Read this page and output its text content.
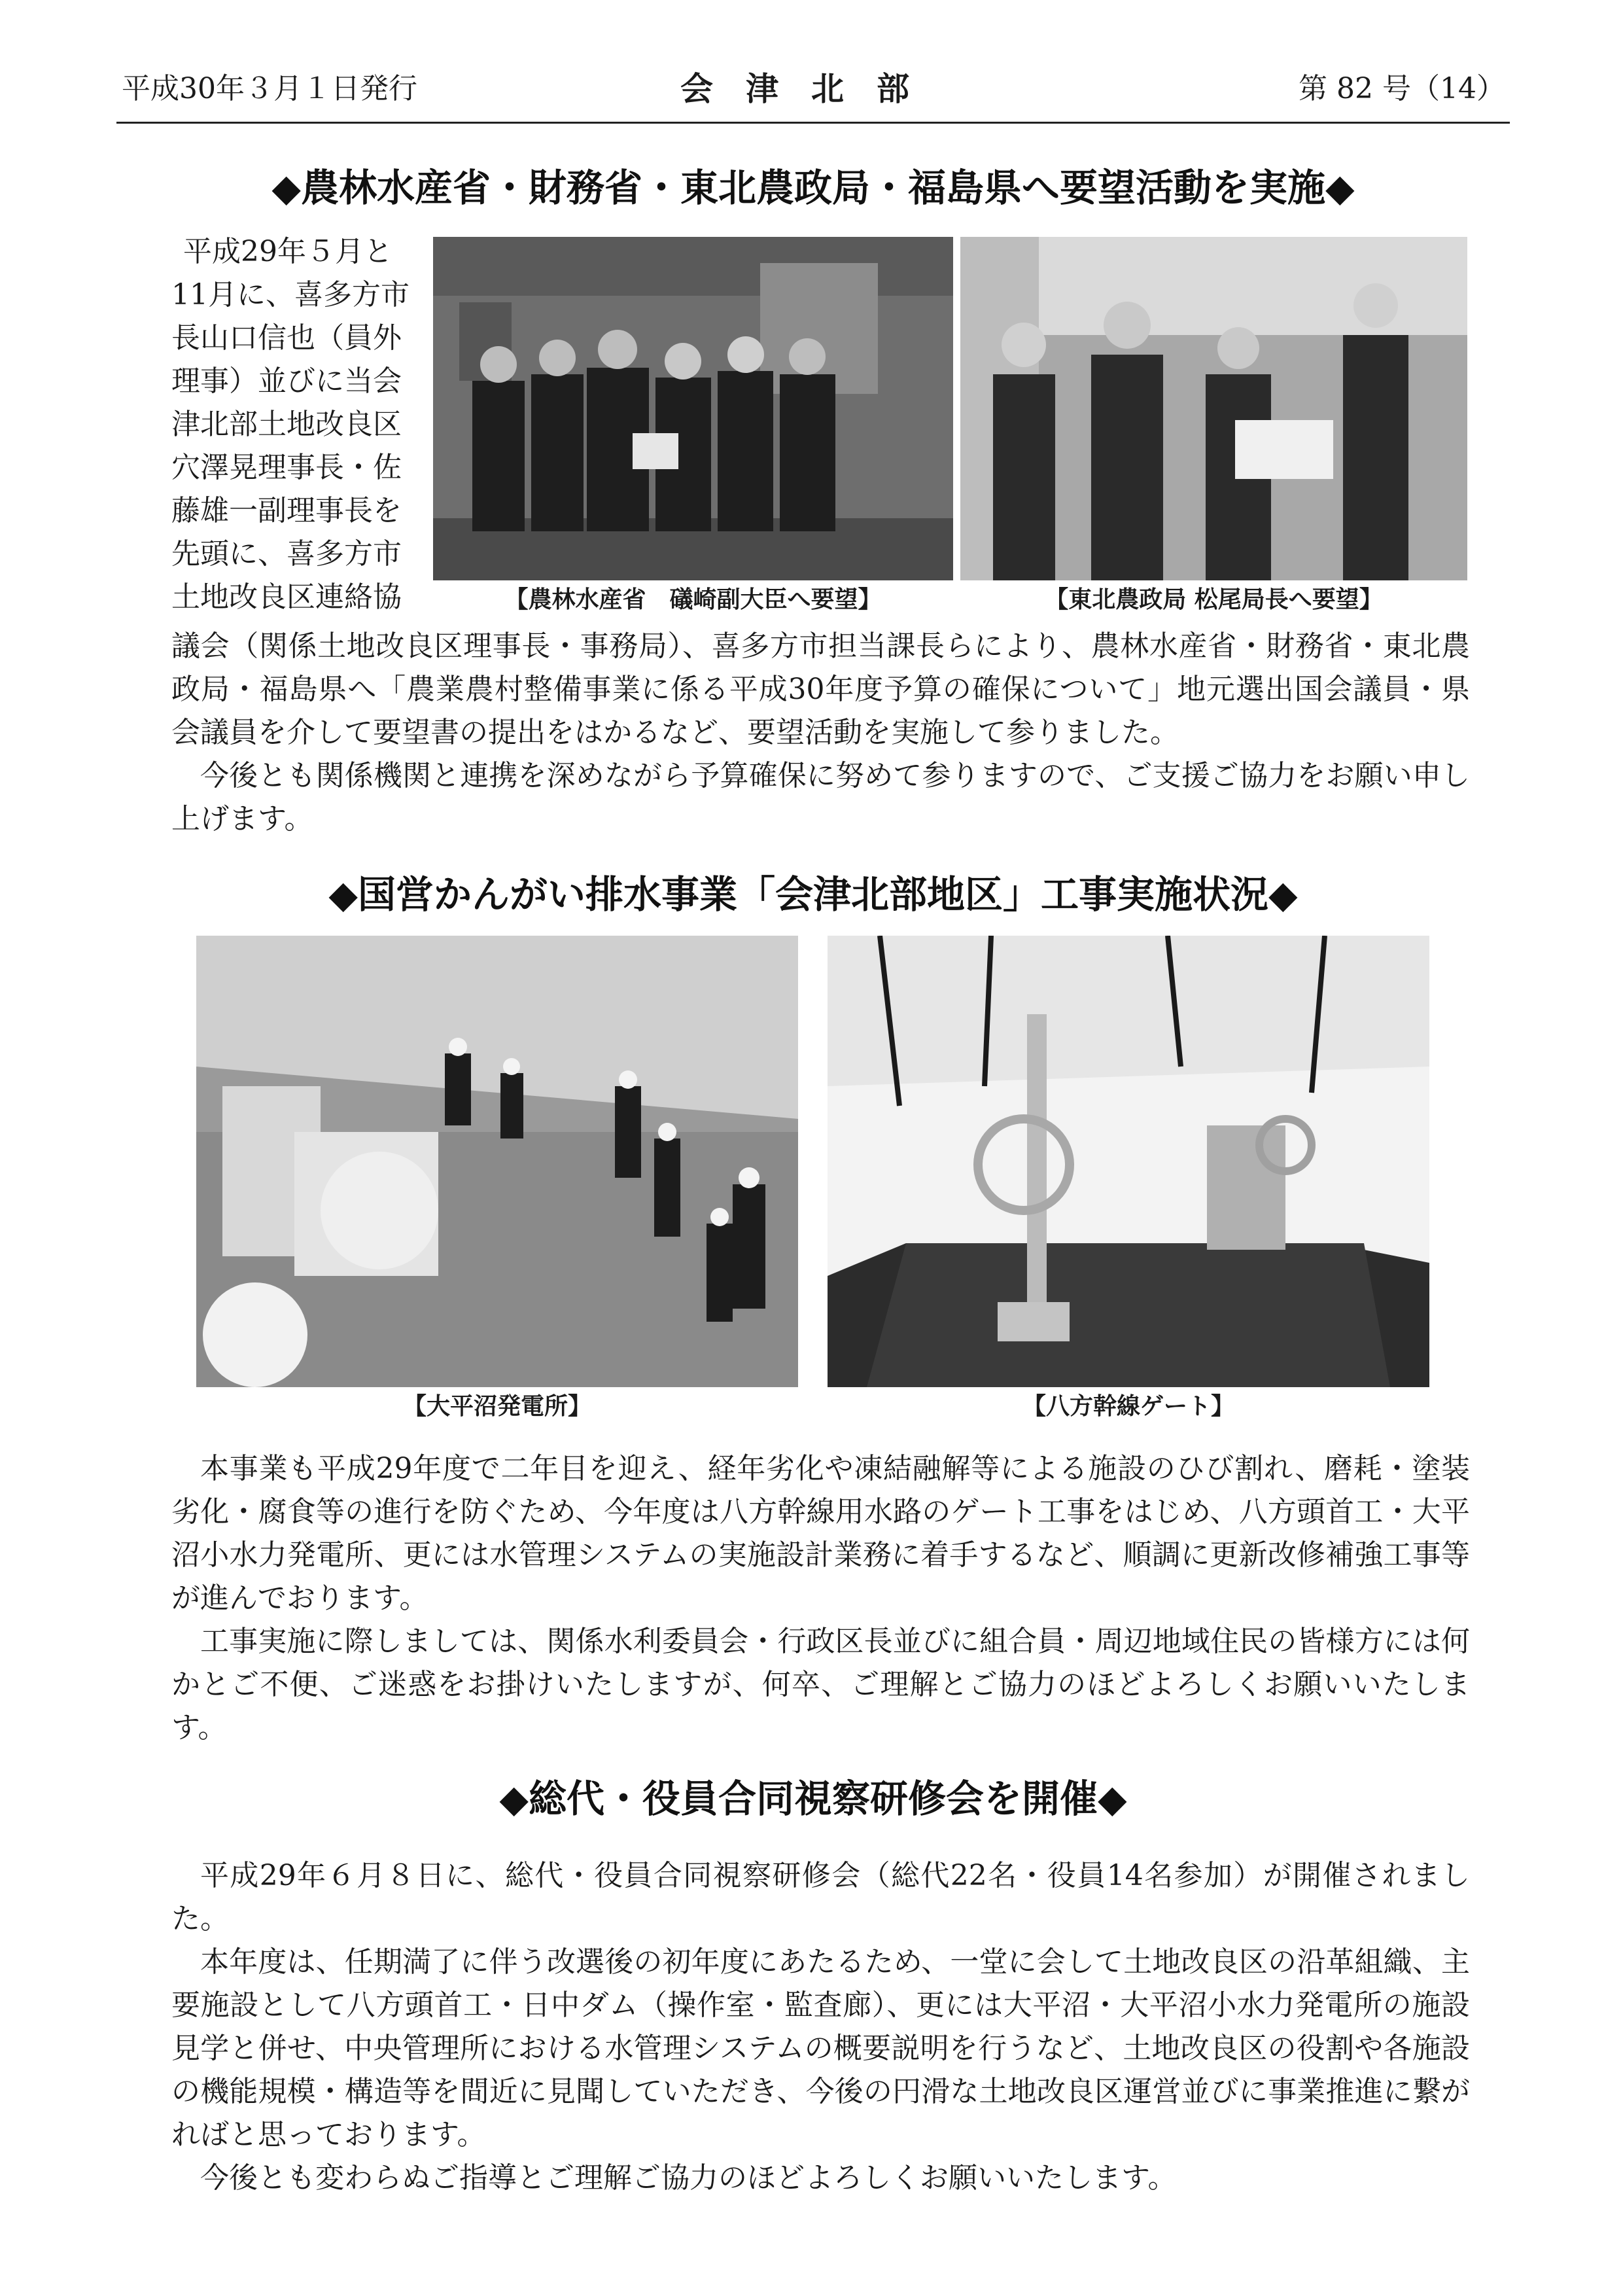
平成30年３月１日発行	会　津　北　部	第 82 号（14）
◆農林水産省・財務省・東北農政局・福島県へ要望活動を実施◆
平成29年５月と
11月に、喜多方市
長山口信也（員外
理事）並びに当会
津北部土地改良区
穴澤晃理事長・佐
藤雄一副理事長を
先頭に、喜多方市
土地改良区連絡協	【農林水産省　礒崎副大臣へ要望】	【東北農政局 松尾局長へ要望】

議会（関係土地改良区理事長・事務局）、喜多方市担当課長らにより、農林水産省・財務省・東北農政局・福島県へ「農業農村整備事業に係る平成30年度予算の確保について」地元選出国会議員・県会議員を介して要望書の提出をはかるなど、要望活動を実施して参りました。

今後とも関係機関と連携を深めながら予算確保に努めて参りますので、ご支援ご協力をお願い申し上げます。

◆国営かんがい排水事業「会津北部地区」工事実施状況◆
【大平沼発電所】	【八方幹線ゲート】

本事業も平成29年度で二年目を迎え、経年劣化や凍結融解等による施設のひび割れ、磨耗・塗装劣化・腐食等の進行を防ぐため、今年度は八方幹線用水路のゲート工事をはじめ、八方頭首工・大平沼小水力発電所、更には水管理システムの実施設計業務に着手するなど、順調に更新改修補強工事等が進んでおります。

工事実施に際しましては、関係水利委員会・行政区長並びに組合員・周辺地域住民の皆様方には何かとご不便、ご迷惑をお掛けいたしますが、何卒、ご理解とご協力のほどよろしくお願いいたします。

◆総代・役員合同視察研修会を開催◆

平成29年６月８日に、総代・役員合同視察研修会（総代22名・役員14名参加）が開催されました。

本年度は、任期満了に伴う改選後の初年度にあたるため、一堂に会して土地改良区の沿革組織、主要施設として八方頭首工・日中ダム（操作室・監査廊）、更には大平沼・大平沼小水力発電所の施設見学と併せ、中央管理所における水管理システムの概要説明を行うなど、土地改良区の役割や各施設の機能規模・構造等を間近に見聞していただき、今後の円滑な土地改良区運営並びに事業推進に繋がればと思っております。

今後とも変わらぬご指導とご理解ご協力のほどよろしくお願いいたします。
